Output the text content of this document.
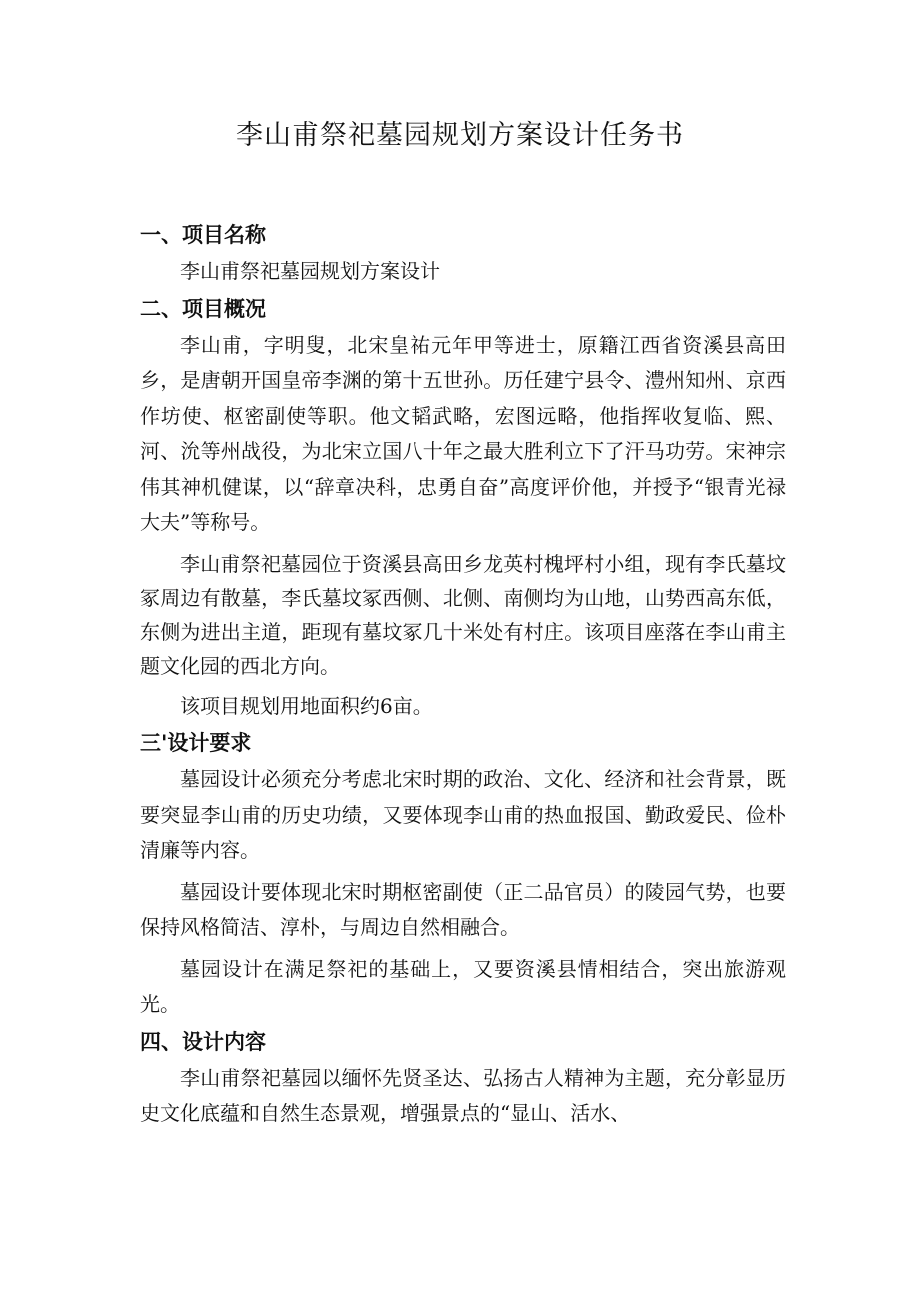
李山甫祭祀墓园规划方案设计任务书
一、项目名称

李山甫祭祀墓园规划方案设计

二、项目概况

李山甫，字明叟，北宋皇祐元年甲等进士，原籍江西省资溪县高田乡，是唐朝开国皇帝李渊的第十五世孙。历任建宁县令、澧州知州、京西作坊使、枢密副使等职。他文韬武略，宏图远略，他指挥收复临、熙、河、沇等州战役，为北宋立国八十年之最大胜利立下了汗马功劳。宋神宗伟其神机健谋，以“辞章决科，忠勇自奋”高度评价他，并授予“银青光禄大夫”等称号。

李山甫祭祀墓园位于资溪县高田乡龙英村槐坪村小组，现有李氏墓坟冢周边有散墓，李氏墓坟冢西侧、北侧、南侧均为山地，山势西高东低，东侧为进出主道，距现有墓坟冢几十米处有村庄。该项目座落在李山甫主题文化园的西北方向。

该项目规划用地面积约6亩。

三'设计要求

墓园设计必须充分考虑北宋时期的政治、文化、经济和社会背景，既要突显李山甫的历史功绩，又要体现李山甫的热血报国、勤政爱民、俭朴清廉等内容。

墓园设计要体现北宋时期枢密副使（正二品官员）的陵园气势，也要保持风格简洁、淳朴，与周边自然相融合。

墓园设计在满足祭祀的基础上，又要资溪县情相结合，突出旅游观光。

四、设计内容

李山甫祭祀墓园以缅怀先贤圣达、弘扬古人精神为主题，充分彰显历史文化底蕴和自然生态景观，增强景点的“显山、活水、
